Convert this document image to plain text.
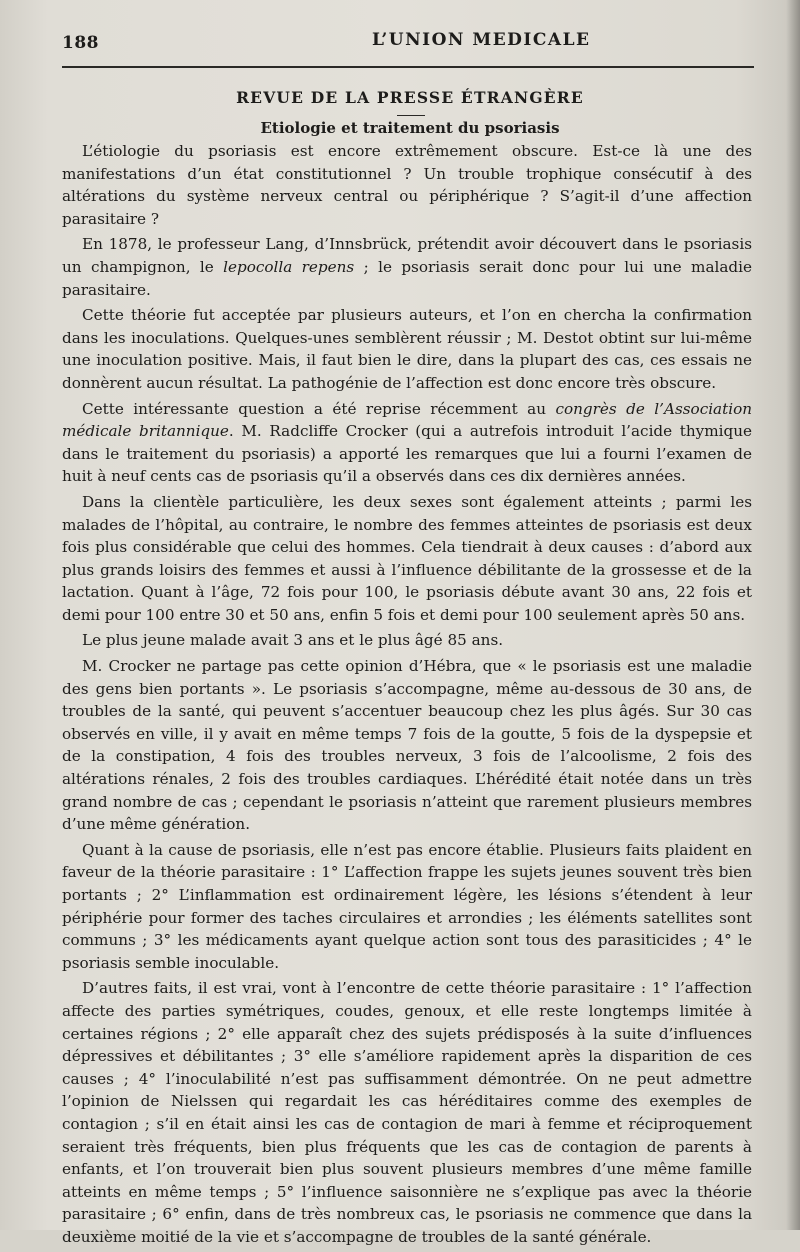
188	L’UNION MEDICALE
REVUE DE LA PRESSE ÉTRANGÈRE
Etiologie et traitement du psoriasis

L’étiologie du psoriasis est encore extrêmement obscure. Est-ce là une des manifestations d’un état constitutionnel ? Un trouble trophique consécutif à des altérations du système nerveux central ou périphérique ? S’agit-il d’une affection parasitaire ?

En 1878, le professeur Lang, d’Innsbrück, prétendit avoir découvert dans le psoriasis un champignon, le lepocolla repens ; le psoriasis serait donc pour lui une maladie parasitaire.

Cette théorie fut acceptée par plusieurs auteurs, et l’on en chercha la confirmation dans les inoculations. Quelques-unes semblèrent réussir ; M. Destot obtint sur lui-même une inoculation positive. Mais, il faut bien le dire, dans la plupart des cas, ces essais ne donnèrent aucun résultat. La pathogénie de l’affection est donc encore très obscure.

Cette intéressante question a été reprise récemment au congrès de l’Association médicale britannique. M. Radcliffe Crocker (qui a autrefois introduit l’acide thymique dans le traitement du psoriasis) a apporté les remarques que lui a fourni l’examen de huit à neuf cents cas de psoriasis qu’il a observés dans ces dix dernières années.

Dans la clientèle particulière, les deux sexes sont également atteints ; parmi les malades de l’hôpital, au contraire, le nombre des femmes atteintes de psoriasis est deux fois plus considérable que celui des hommes. Cela tiendrait à deux causes : d’abord aux plus grands loisirs des femmes et aussi à l’influence débilitante de la grossesse et de la lactation. Quant à l’âge, 72 fois pour 100, le psoriasis débute avant 30 ans, 22 fois et demi pour 100 entre 30 et 50 ans, enfin 5 fois et demi pour 100 seulement après 50 ans.

Le plus jeune malade avait 3 ans et le plus âgé 85 ans.

M. Crocker ne partage pas cette opinion d’Hébra, que « le psoriasis est une maladie des gens bien portants ». Le psoriasis s’accompagne, même au-dessous de 30 ans, de troubles de la santé, qui peuvent s’accentuer beaucoup chez les plus âgés. Sur 30 cas observés en ville, il y avait en même temps 7 fois de la goutte, 5 fois de la dyspepsie et de la constipation, 4 fois des troubles nerveux, 3 fois de l’alcoolisme, 2 fois des altérations rénales, 2 fois des troubles cardiaques. L’hérédité était notée dans un très grand nombre de cas ; cependant le psoriasis n’atteint que rarement plusieurs membres d’une même génération.

Quant à la cause de psoriasis, elle n’est pas encore établie. Plusieurs faits plaident en faveur de la théorie parasitaire : 1° L’affection frappe les sujets jeunes souvent très bien portants ; 2° L’inflammation est ordinairement légère, les lésions s’étendent à leur périphérie pour former des taches circulaires et arrondies ; les éléments satellites sont communs ; 3° les médicaments ayant quelque action sont tous des parasiticides ; 4° le psoriasis semble inoculable.

D’autres faits, il est vrai, vont à l’encontre de cette théorie parasitaire : 1° l’affection affecte des parties symétriques, coudes, genoux, et elle reste longtemps limitée à certaines régions ; 2° elle apparaît chez des sujets prédisposés à la suite d’influences dépressives et débilitantes ; 3° elle s’améliore rapidement après la disparition de ces causes ; 4° l’inoculabilité n’est pas suffisamment démontrée. On ne peut admettre l’opinion de Nielssen qui regardait les cas héréditaires comme des exemples de contagion ; s’il en était ainsi les cas de contagion de mari à femme et réciproquement seraient très fréquents, bien plus fréquents que les cas de contagion de parents à enfants, et l’on trouverait bien plus souvent plusieurs membres d’une même famille atteints en même temps ; 5° l’influence saisonnière ne s’explique pas avec la théorie parasitaire ; 6° enfin, dans de très nombreux cas, le psoriasis ne commence que dans la deuxième moitié de la vie et s’accompagne de troubles de la santé générale.
